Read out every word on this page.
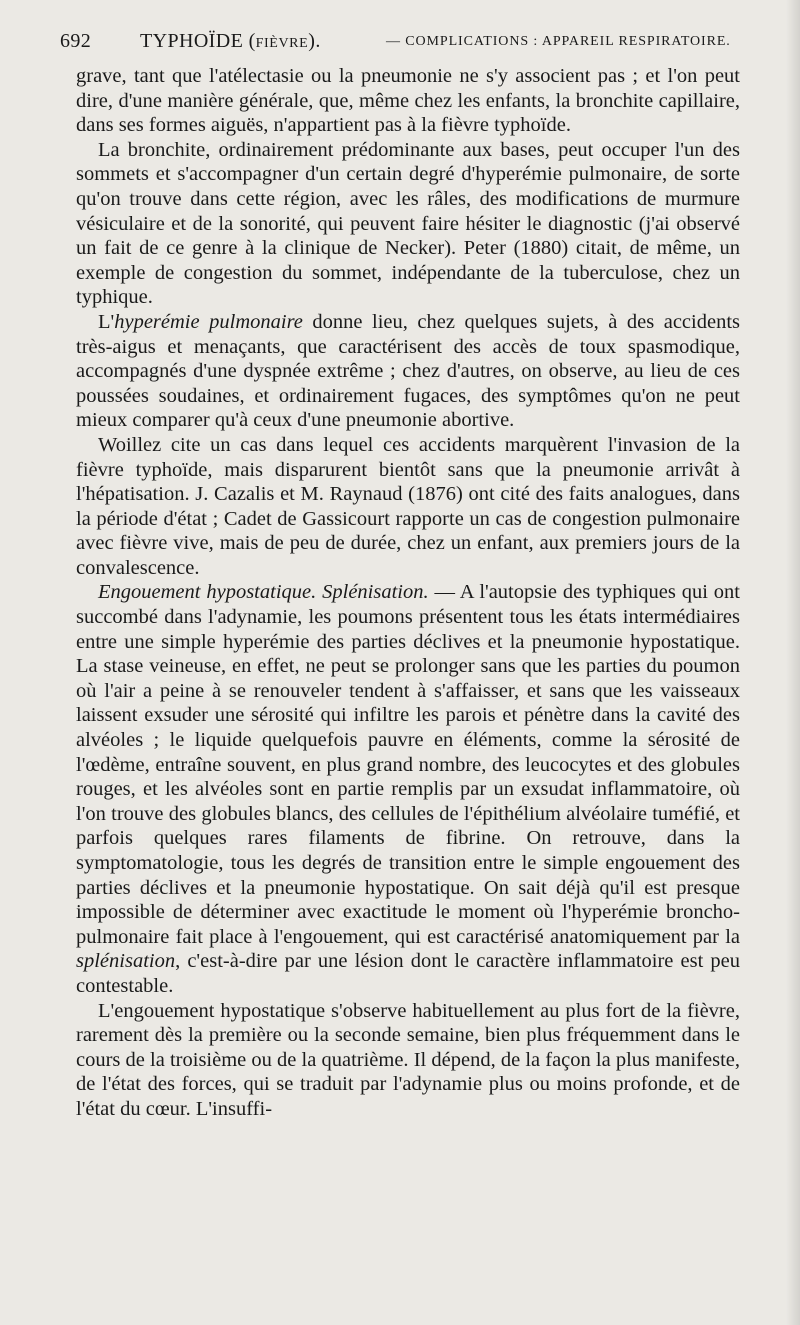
692 TYPHOÏDE (FIÈVRE).	— COMPLICATIONS : APPAREIL RESPIRATOIRE.

grave, tant que l'atélectasie ou la pneumonie ne s'y associent pas ; et l'on peut dire, d'une manière générale, que, même chez les enfants, la bronchite capillaire, dans ses formes aiguës, n'appartient pas à la fièvre typhoïde.

La bronchite, ordinairement prédominante aux bases, peut occuper l'un des sommets et s'accompagner d'un certain degré d'hyperémie pulmonaire, de sorte qu'on trouve dans cette région, avec les râles, des modifications de murmure vésiculaire et de la sonorité, qui peuvent faire hésiter le diagnostic (j'ai observé un fait de ce genre à la clinique de Necker). Peter (1880) citait, de même, un exemple de congestion du sommet, indépendante de la tuberculose, chez un typhique.

L'hyperémie pulmonaire donne lieu, chez quelques sujets, à des accidents très-aigus et menaçants, que caractérisent des accès de toux spasmodique, accompagnés d'une dyspnée extrême ; chez d'autres, on observe, au lieu de ces poussées soudaines, et ordinairement fugaces, des symptômes qu'on ne peut mieux comparer qu'à ceux d'une pneumonie abortive.

Woillez cite un cas dans lequel ces accidents marquèrent l'invasion de la fièvre typhoïde, mais disparurent bientôt sans que la pneumonie arrivât à l'hépatisation. J. Cazalis et M. Raynaud (1876) ont cité des faits analogues, dans la période d'état ; Cadet de Gassicourt rapporte un cas de congestion pulmonaire avec fièvre vive, mais de peu de durée, chez un enfant, aux premiers jours de la convalescence.

Engouement hypostatique. Splénisation. — A l'autopsie des typhiques qui ont succombé dans l'adynamie, les poumons présentent tous les états intermédiaires entre une simple hyperémie des parties déclives et la pneumonie hypostatique. La stase veineuse, en effet, ne peut se prolonger sans que les parties du poumon où l'air a peine à se renouveler tendent à s'affaisser, et sans que les vaisseaux laissent exsuder une sérosité qui infiltre les parois et pénètre dans la cavité des alvéoles ; le liquide quelquefois pauvre en éléments, comme la sérosité de l'œdème, entraîne souvent, en plus grand nombre, des leucocytes et des globules rouges, et les alvéoles sont en partie remplis par un exsudat inflammatoire, où l'on trouve des globules blancs, des cellules de l'épithélium alvéolaire tuméfié, et parfois quelques rares filaments de fibrine. On retrouve, dans la symptomatologie, tous les degrés de transition entre le simple engouement des parties déclives et la pneumonie hypostatique. On sait déjà qu'il est presque impossible de déterminer avec exactitude le moment où l'hyperémie broncho-pulmonaire fait place à l'engouement, qui est caractérisé anatomiquement par la splénisation, c'est-à-dire par une lésion dont le caractère inflammatoire est peu contestable.

L'engouement hypostatique s'observe habituellement au plus fort de la fièvre, rarement dès la première ou la seconde semaine, bien plus fréquemment dans le cours de la troisième ou de la quatrième. Il dépend, de la façon la plus manifeste, de l'état des forces, qui se traduit par l'adynamie plus ou moins profonde, et de l'état du cœur. L'insuffi-
